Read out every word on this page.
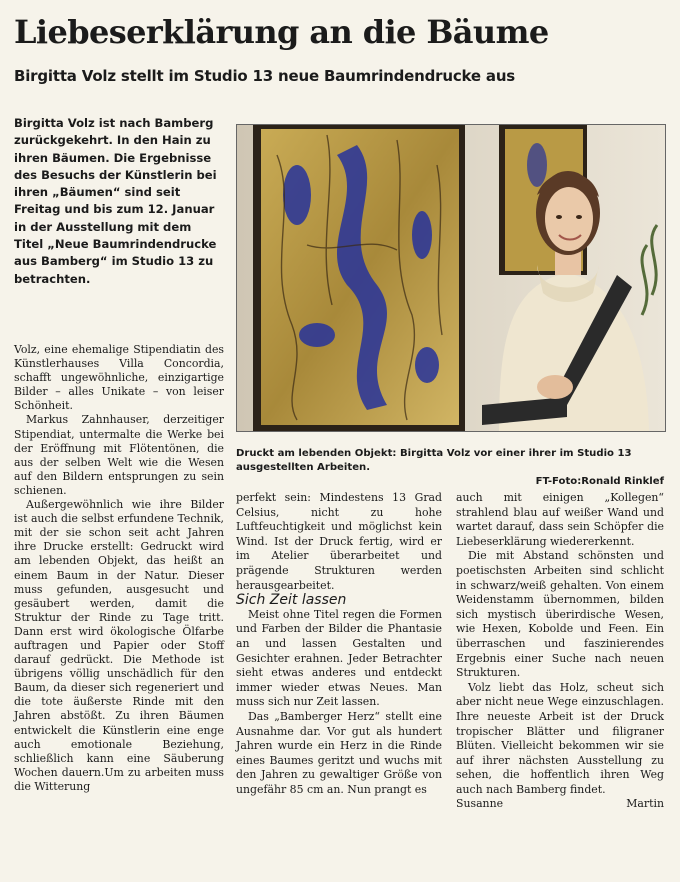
Liebeserklärung an die Bäume
Birgitta Volz stellt im Studio 13 neue Baumrindendrucke aus

Birgitta Volz ist nach Bamberg zurückgekehrt. In den Hain zu ihren Bäumen. Die Ergebnisse des Besuchs der Künstlerin bei ihren „Bäumen“ sind seit Freitag und bis zum 12. Januar in der Ausstellung mit dem Titel „Neue Baumrindendrucke aus Bamberg“ im Studio 13 zu betrachten.

Volz, eine ehemalige Stipendiatin des Künstlerhauses Villa Concordia, schafft ungewöhnliche, einzigartige Bilder – alles Unikate – von leiser Schönheit.

Markus Zahnhauser, derzeitiger Stipendiat, untermalte die Werke bei der Eröffnung mit Flötentönen, die aus der selben Welt wie die Wesen auf den Bildern entsprungen zu sein schienen.

Außergewöhnlich wie ihre Bilder ist auch die selbst erfundene Technik, mit der sie schon seit acht Jahren ihre Drucke erstellt: Gedruckt wird am lebenden Objekt, das heißt an einem Baum in der Natur. Dieser muss gefunden, ausgesucht und gesäubert werden, damit die Struktur der Rinde zu Tage tritt. Dann erst wird ökologische Ölfarbe auftragen und Papier oder Stoff darauf gedrückt. Die Methode ist übrigens völlig unschädlich für den Baum, da dieser sich regeneriert und die tote äußerste Rinde mit den Jahren abstößt. Zu ihren Bäumen entwickelt die Künstlerin eine enge auch emotionale Beziehung, schließlich kann eine Säuberung Wochen dauern.Um zu arbeiten muss die Witterung

Druckt am lebenden Objekt: Birgitta Volz vor einer ihrer im Studio 13 ausgestellten Arbeiten.
FT-Foto:Ronald Rinklef

perfekt sein: Mindestens 13 Grad Celsius, nicht zu hohe Luftfeuchtigkeit und möglichst kein Wind. Ist der Druck fertig, wird er im Atelier überarbeitet und prägende Strukturen werden herausgearbeitet.

Sich Zeit lassen

Meist ohne Titel regen die Formen und Farben der Bilder die Phantasie an und lassen Gestalten und Gesichter erahnen. Jeder Betrachter sieht etwas anderes und entdeckt immer wieder etwas Neues. Man muss sich nur Zeit lassen.

Das „Bamberger Herz“ stellt eine Ausnahme dar. Vor gut als hundert Jahren wurde ein Herz in die Rinde eines Baumes geritzt und wuchs mit den Jahren zu gewaltiger Größe von ungefähr 85 cm an. Nun prangt es

auch mit einigen „Kollegen“ strahlend blau auf weißer Wand und wartet darauf, dass sein Schöpfer die Liebeserklärung wiedererkennt.

Die mit Abstand schönsten und poetischsten Arbeiten sind schlicht in schwarz/weiß gehalten. Von einem Weidenstamm übernommen, bilden sich mystisch überirdische Wesen, wie Hexen, Kobolde und Feen. Ein überraschen und faszinierendes Ergebnis einer Suche nach neuen Strukturen.

Volz liebt das Holz, scheut sich aber nicht neue Wege einzuschlagen. Ihre neueste Arbeit ist der Druck tropischer Blätter und filigraner Blüten. Vielleicht bekommen wir sie auf ihrer nächsten Ausstellung zu sehen, die hoffentlich ihren Weg auch nach Bamberg findet.

Susanne	Martin
